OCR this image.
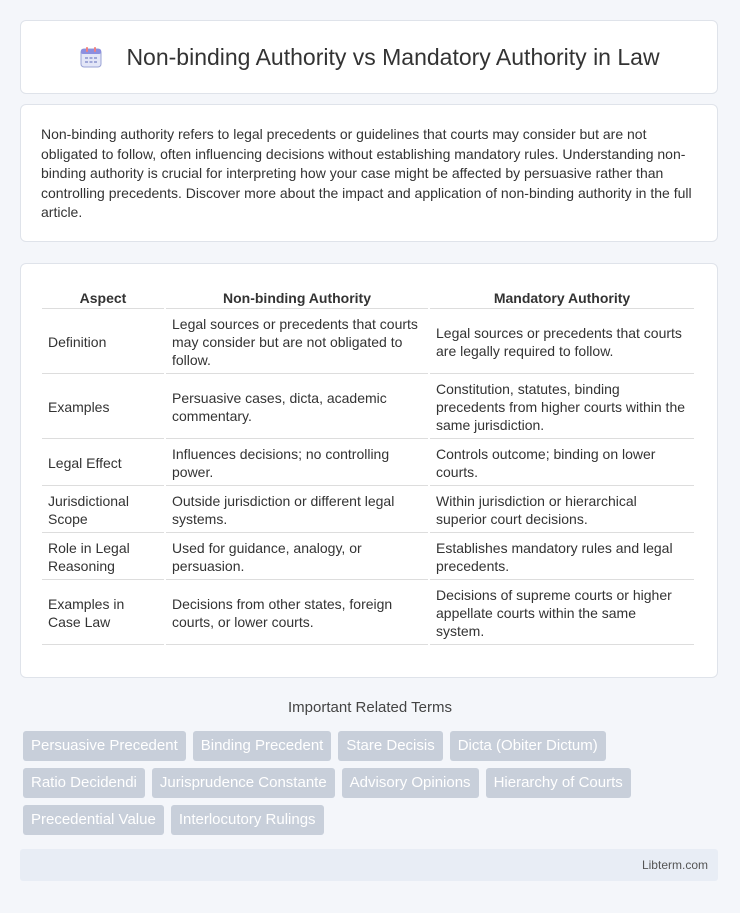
Non-binding Authority vs Mandatory Authority in Law

Non-binding authority refers to legal precedents or guidelines that courts may consider but are not obligated to follow, often influencing decisions without establishing mandatory rules. Understanding non-binding authority is crucial for interpreting how your case might be affected by persuasive rather than controlling precedents. Discover more about the impact and application of non-binding authority in the full article.

Aspect	Non-binding Authority	Mandatory Authority
Definition	Legal sources or precedents that courts may consider but are not obligated to follow.	Legal sources or precedents that courts are legally required to follow.
Examples	Persuasive cases, dicta, academic commentary.	Constitution, statutes, binding precedents from higher courts within the same jurisdiction.
Legal Effect	Influences decisions; no controlling power.	Controls outcome; binding on lower courts.
Jurisdictional Scope	Outside jurisdiction or different legal systems.	Within jurisdiction or hierarchical superior court decisions.
Role in Legal Reasoning	Used for guidance, analogy, or persuasion.	Establishes mandatory rules and legal precedents.
Examples in Case Law	Decisions from other states, foreign courts, or lower courts.	Decisions of supreme courts or higher appellate courts within the same system.
Important Related Terms
Persuasive Precedent Binding Precedent Stare Decisis Dicta (Obiter Dictum)Ratio Decidendi Jurisprudence Constante Advisory Opinions Hierarchy of CourtsPrecedential Value Interlocutory Rulings
Libterm.com
